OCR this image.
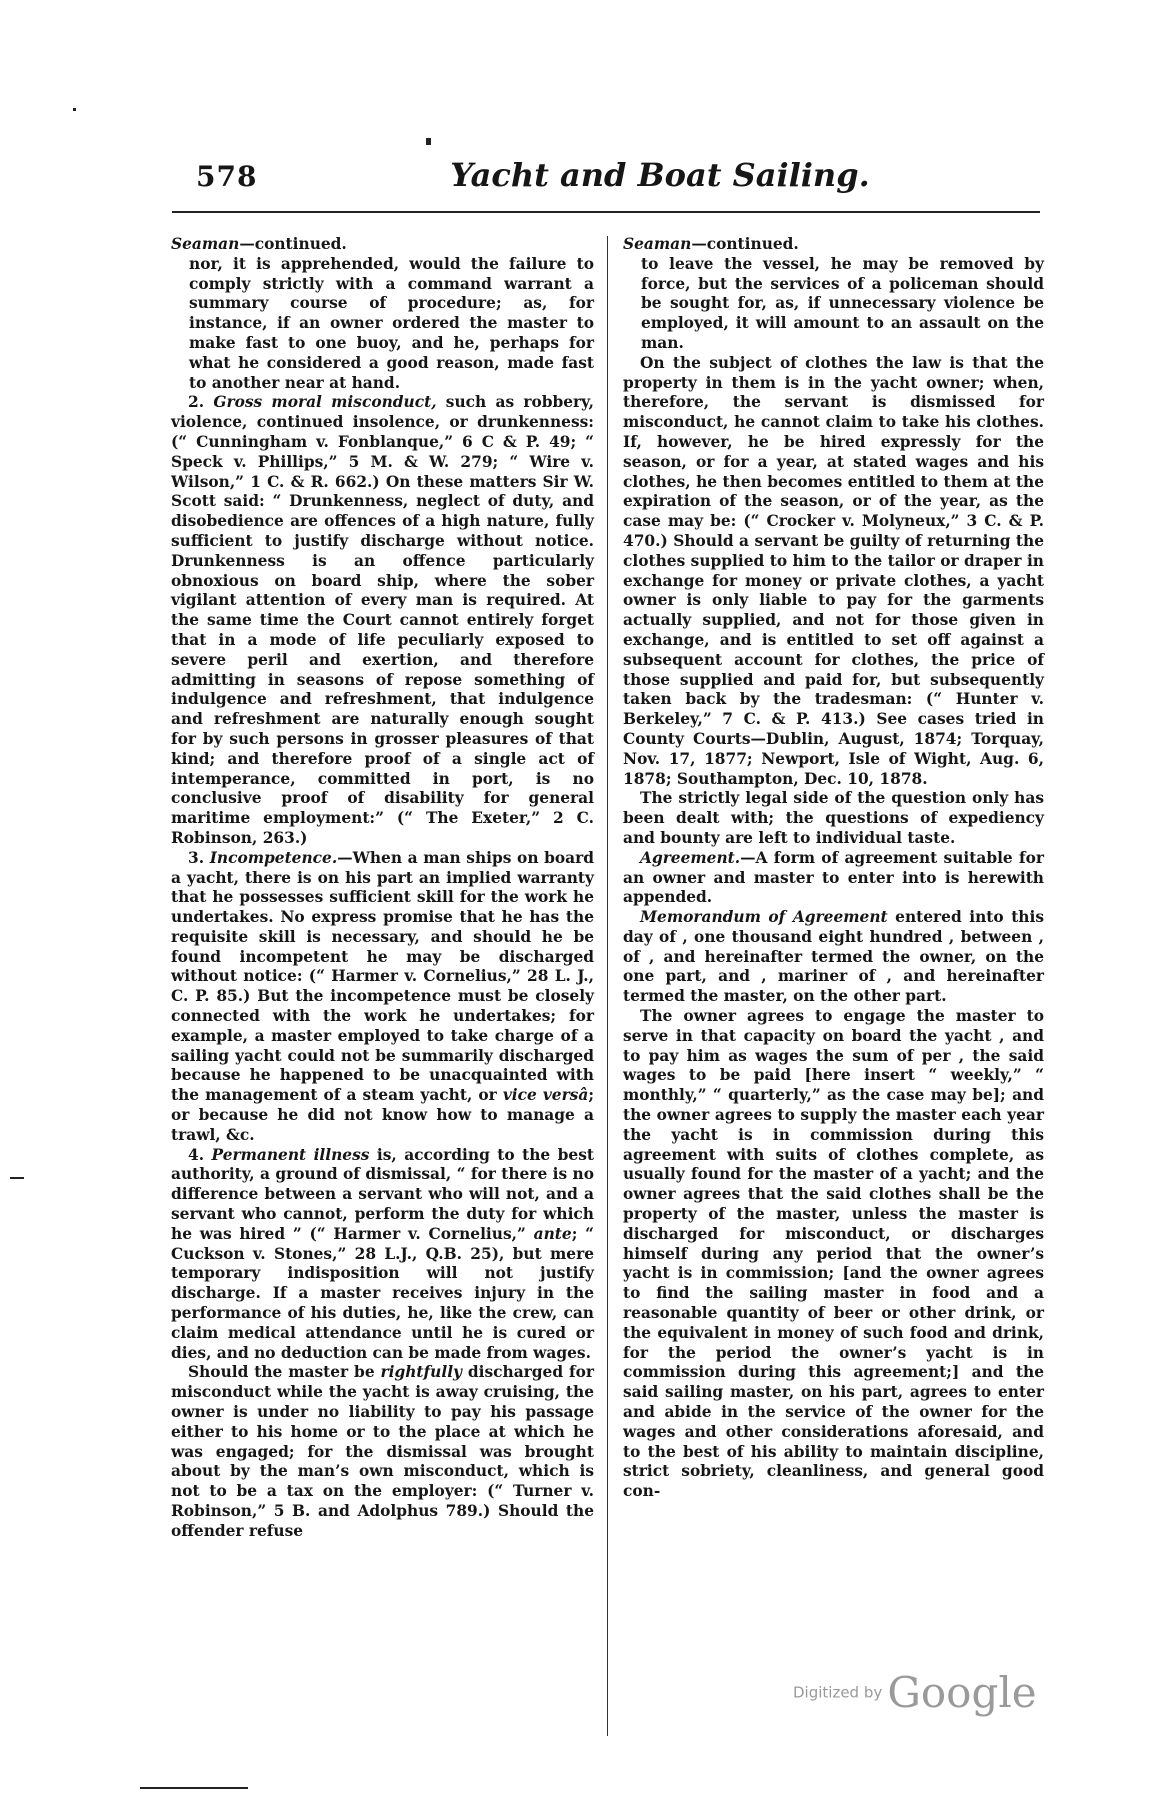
578	Yacht and Boat Sailing.

Seaman—continued.

nor, it is apprehended, would the failure to comply strictly with a command warrant a summary course of procedure; as, for instance, if an owner ordered the master to make fast to one buoy, and he, perhaps for what he considered a good reason, made fast to another near at hand.

2. Gross moral misconduct, such as robbery, violence, continued insolence, or drunkenness: (“ Cunningham v. Fonblanque,” 6 C & P. 49; “ Speck v. Phillips,” 5 M. & W. 279; “ Wire v. Wilson,” 1 C. & R. 662.) On these matters Sir W. Scott said: “ Drunkenness, neglect of duty, and disobedience are offences of a high nature, fully sufficient to justify discharge without notice. Drunkenness is an offence particularly obnoxious on board ship, where the sober vigilant attention of every man is required. At the same time the Court cannot entirely forget that in a mode of life peculiarly exposed to severe peril and exertion, and therefore admitting in seasons of repose something of indulgence and refreshment, that indulgence and refreshment are naturally enough sought for by such persons in grosser pleasures of that kind; and therefore proof of a single act of intemperance, committed in port, is no conclusive proof of disability for general maritime employment:” (“ The Exeter,” 2 C. Robinson, 263.)

3. Incompetence.—When a man ships on board a yacht, there is on his part an implied warranty that he possesses sufficient skill for the work he undertakes. No express promise that he has the requisite skill is necessary, and should he be found incompetent he may be discharged without notice: (“ Harmer v. Cornelius,” 28 L. J., C. P. 85.) But the incompetence must be closely connected with the work he undertakes; for example, a master employed to take charge of a sailing yacht could not be summarily discharged because he happened to be unacquainted with the management of a steam yacht, or vice versâ; or because he did not know how to manage a trawl, &c.

4. Permanent illness is, according to the best authority, a ground of dismissal, “ for there is no difference between a servant who will not, and a servant who cannot, perform the duty for which he was hired ” (“ Harmer v. Cornelius,” ante; “ Cuckson v. Stones,” 28 L.J., Q.B. 25), but mere temporary indisposition will not justify discharge. If a master receives injury in the performance of his duties, he, like the crew, can claim medical attendance until he is cured or dies, and no deduction can be made from wages.

Should the master be rightfully discharged for misconduct while the yacht is away cruising, the owner is under no liability to pay his passage either to his home or to the place at which he was engaged; for the dismissal was brought about by the man’s own misconduct, which is not to be a tax on the employer: (“ Turner v. Robinson,” 5 B. and Adolphus 789.) Should the offender refuse

Seaman—continued.

to leave the vessel, he may be removed by force, but the services of a policeman should be sought for, as, if unnecessary violence be employed, it will amount to an assault on the man.

On the subject of clothes the law is that the property in them is in the yacht owner; when, therefore, the servant is dismissed for misconduct, he cannot claim to take his clothes. If, however, he be hired expressly for the season, or for a year, at stated wages and his clothes, he then becomes entitled to them at the expiration of the season, or of the year, as the case may be: (“ Crocker v. Molyneux,” 3 C. & P. 470.) Should a servant be guilty of returning the clothes supplied to him to the tailor or draper in exchange for money or private clothes, a yacht owner is only liable to pay for the garments actually supplied, and not for those given in exchange, and is entitled to set off against a subsequent account for clothes, the price of those supplied and paid for, but subsequently taken back by the tradesman: (“ Hunter v. Berkeley,” 7 C. & P. 413.) See cases tried in County Courts—Dublin, August, 1874; Torquay, Nov. 17, 1877; Newport, Isle of Wight, Aug. 6, 1878; Southampton, Dec. 10, 1878.

The strictly legal side of the question only has been dealt with; the questions of expediency and bounty are left to individual taste.

Agreement.—A form of agreement suitable for an owner and master to enter into is herewith appended.

Memorandum of Agreement entered into this day of , one thousand eight hundred , between , of , and hereinafter termed the owner, on the one part, and , mariner of , and hereinafter termed the master, on the other part.

The owner agrees to engage the master to serve in that capacity on board the yacht , and to pay him as wages the sum of per , the said wages to be paid [here insert “ weekly,” “ monthly,” “ quarterly,” as the case may be]; and the owner agrees to supply the master each year the yacht is in commission during this agreement with suits of clothes complete, as usually found for the master of a yacht; and the owner agrees that the said clothes shall be the property of the master, unless the master is discharged for misconduct, or discharges himself during any period that the owner’s yacht is in commission; [and the owner agrees to find the sailing master in food and a reasonable quantity of beer or other drink, or the equivalent in money of such food and drink, for the period the owner’s yacht is in commission during this agreement;] and the said sailing master, on his part, agrees to enter and abide in the service of the owner for the wages and other considerations aforesaid, and to the best of his ability to maintain discipline, strict sobriety, cleanliness, and general good con-

Digitized by Google
